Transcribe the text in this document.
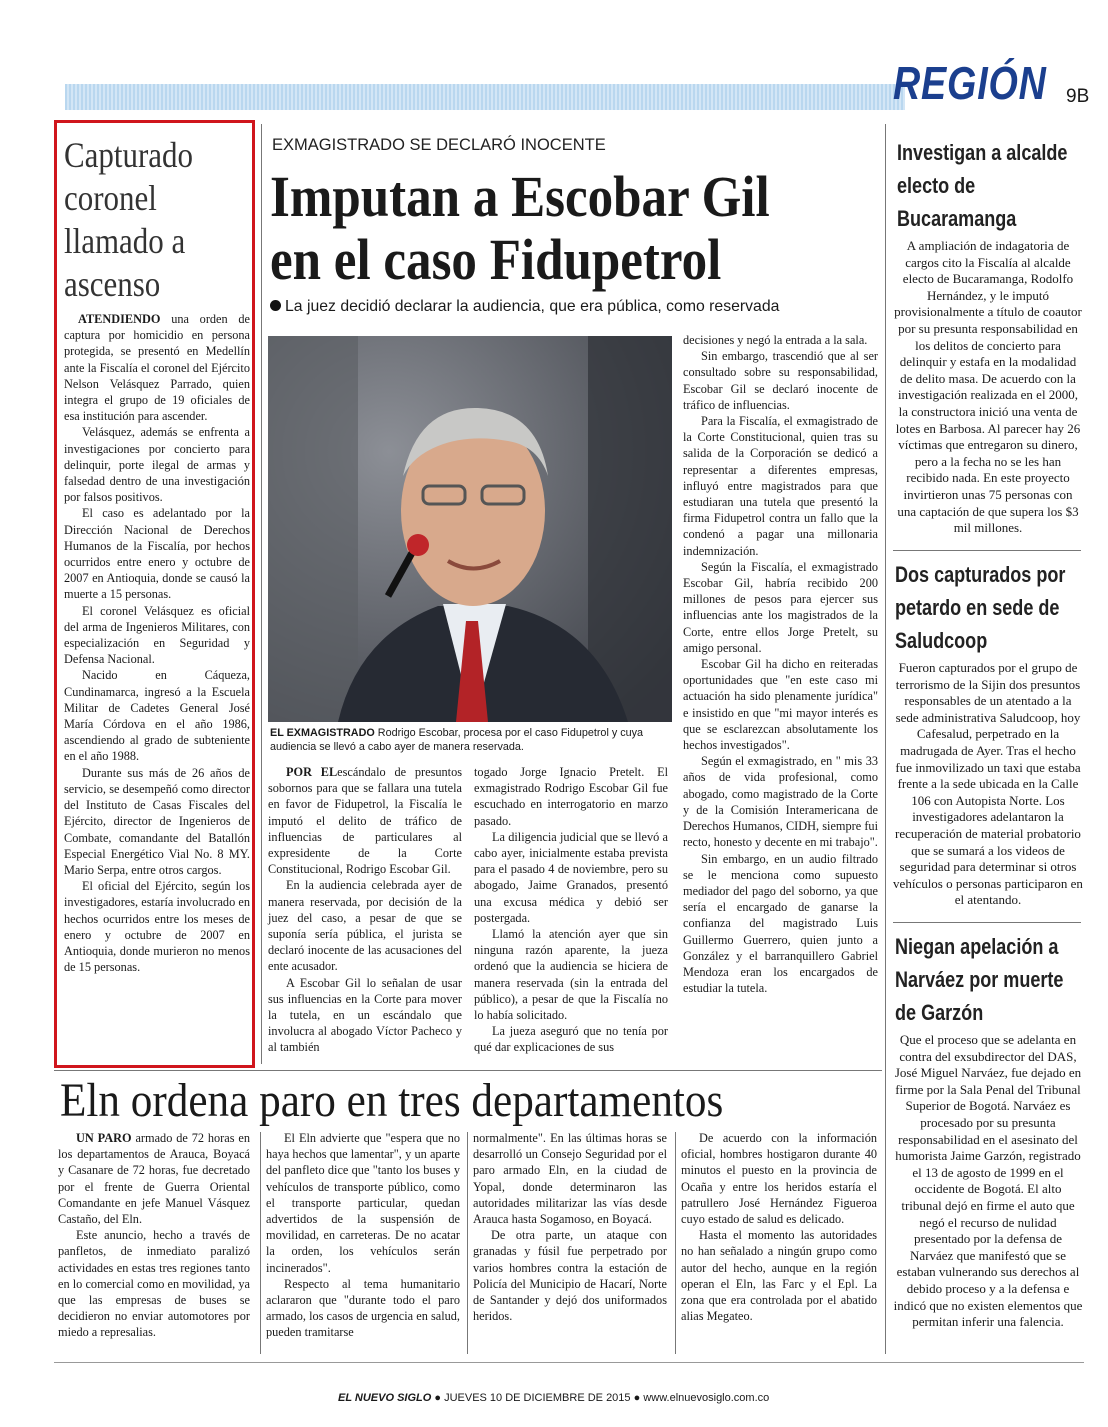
REGIÓN 9B
Capturado coronel llamado a ascenso

ATENDIENDO una orden de captura por homicidio en persona protegida, se presentó en Medellín ante la Fiscalía el coronel del Ejército Nelson Velásquez Parrado, quien integra el grupo de 19 oficiales de esa institución para ascender.

Velásquez, además se enfrenta a investigaciones por concierto para delinquir, porte ilegal de armas y falsedad dentro de una investigación por falsos positivos.

El caso es adelantado por la Dirección Nacional de Derechos Humanos de la Fiscalía, por hechos ocurridos entre enero y octubre de 2007 en Antioquia, donde se causó la muerte a 15 personas.

El coronel Velásquez es oficial del arma de Ingenieros Militares, con especialización en Seguridad y Defensa Nacional.

Nacido en Cáqueza, Cundinamarca, ingresó a la Escuela Militar de Cadetes General José María Córdova en el año 1986, ascendiendo al grado de subteniente en el año 1988.

Durante sus más de 26 años de servicio, se desempeñó como director del Instituto de Casas Fiscales del Ejército, director de Ingenieros de Combate, comandante del Batallón Especial Energético Vial No. 8 MY. Mario Serpa, entre otros cargos.

El oficial del Ejército, según los investigadores, estaría involucrado en hechos ocurridos entre los meses de enero y octubre de 2007 en Antioquia, donde murieron no menos de 15 personas.

EXMAGISTRADO SE DECLARÓ INOCENTE
Imputan a Escobar Gil
en el caso Fidupetrol
La juez decidió declarar la audiencia, que era pública, como reservada
EL EXMAGISTRADO Rodrigo Escobar, procesa por el caso Fidupetrol y cuya audiencia se llevó a cabo ayer de manera reservada.

POR ELescándalo de presuntos sobornos para que se fallara una tutela en favor de Fidupetrol, la Fiscalía le imputó el delito de tráfico de influencias de particulares al expresidente de la Corte Constitucional, Rodrigo Escobar Gil.

En la audiencia celebrada ayer de manera reservada, por decisión de la juez del caso, a pesar de que se suponía sería pública, el jurista se declaró inocente de las acusaciones del ente acusador.

A Escobar Gil lo señalan de usar sus influencias en la Corte para mover la tutela, en un escándalo que involucra al abogado Víctor Pacheco y al también

togado Jorge Ignacio Pretelt. El exmagistrado Rodrigo Escobar Gil fue escuchado en interrogatorio en marzo pasado.

La diligencia judicial que se llevó a cabo ayer, inicialmente estaba prevista para el pasado 4 de noviembre, pero su abogado, Jaime Granados, presentó una excusa médica y debió ser postergada.

Llamó la atención ayer que sin ninguna razón aparente, la jueza ordenó que la audiencia se hiciera de manera reservada (sin la entrada del público), a pesar de que la Fiscalía no lo había solicitado.

La jueza aseguró que no tenía por qué dar explicaciones de sus

decisiones y negó la entrada a la sala.

Sin embargo, trascendió que al ser consultado sobre su responsabilidad, Escobar Gil se declaró inocente de tráfico de influencias.

Para la Fiscalía, el exmagistrado de la Corte Constitucional, quien tras su salida de la Corporación se dedicó a representar a diferentes empresas, influyó entre magistrados para que estudiaran una tutela que presentó la firma Fidupetrol contra un fallo que la condenó a pagar una millonaria indemnización.

Según la Fiscalía, el exmagistrado Escobar Gil, habría recibido 200 millones de pesos para ejercer sus influencias ante los magistrados de la Corte, entre ellos Jorge Pretelt, su amigo personal.

Escobar Gil ha dicho en reiteradas oportunidades que "en este caso mi actuación ha sido plenamente jurídica" e insistido en que "mi mayor interés es que se esclarezcan absolutamente los hechos investigados".

Según el exmagistrado, en " mis 33 años de vida profesional, como abogado, como magistrado de la Corte y de la Comisión Interamericana de Derechos Humanos, CIDH, siempre fui recto, honesto y decente en mi trabajo".

Sin embargo, en un audio filtrado se le menciona como supuesto mediador del pago del soborno, ya que sería el encargado de ganarse la confianza del magistrado Luis Guillermo Guerrero, quien junto a González y el barranquillero Gabriel Mendoza eran los encargados de estudiar la tutela.

Investigan a alcalde electo de Bucaramanga
A ampliación de indagatoria de cargos cito la Fiscalía al alcalde electo de Bucaramanga, Rodolfo Hernández, y le imputó provisionalmente a título de coautor por su presunta responsabilidad en los delitos de concierto para delinquir y estafa en la modalidad de delito masa. De acuerdo con la investigación realizada en el 2000, la constructora inició una venta de lotes en Barbosa. Al parecer hay 26 víctimas que entregaron su dinero, pero a la fecha no se les han recibido nada. En este proyecto invirtieron unas 75 personas con una captación de que supera los $3 mil millones.
Dos capturados por petardo en sede de Saludcoop
Fueron capturados por el grupo de terrorismo de la Sijin dos presuntos responsables de un atentado a la sede administrativa Saludcoop, hoy Cafesalud, perpetrado en la madrugada de Ayer. Tras el hecho fue inmovilizado un taxi que estaba frente a la sede ubicada en la Calle 106 con Autopista Norte. Los investigadores adelantaron la recuperación de material probatorio que se sumará a los videos de seguridad para determinar si otros vehículos o personas participaron en el atentando.
Niegan apelación a Narváez por muerte de Garzón
Que el proceso que se adelanta en contra del exsubdirector del DAS, José Miguel Narváez, fue dejado en firme por la Sala Penal del Tribunal Superior de Bogotá. Narváez es procesado por su presunta responsabilidad en el asesinato del humorista Jaime Garzón, registrado el 13 de agosto de 1999 en el occidente de Bogotá. El alto tribunal dejó en firme el auto que negó el recurso de nulidad presentado por la defensa de Narváez que manifestó que se estaban vulnerando sus derechos al debido proceso y a la defensa e indicó que no existen elementos que permitan inferir una falencia.
Eln ordena paro en tres departamentos

UN PARO armado de 72 horas en los departamentos de Arauca, Boyacá y Casanare de 72 horas, fue decretado por el frente de Guerra Oriental Comandante en jefe Manuel Vásquez Castaño, del Eln.

Este anuncio, hecho a través de panfletos, de inmediato paralizó actividades en estas tres regiones tanto en lo comercial como en movilidad, ya que las empresas de buses se decidieron no enviar automotores por miedo a represalias.

El Eln advierte que "espera que no haya hechos que lamentar", y un aparte del panfleto dice que "tanto los buses y vehículos de transporte público, como el transporte particular, quedan advertidos de la suspensión de movilidad, en carreteras. De no acatar la orden, los vehículos serán incinerados".

Respecto al tema humanitario aclararon que "durante todo el paro armado, los casos de urgencia en salud, pueden tramitarse

normalmente". En las últimas horas se desarrolló un Consejo Seguridad por el paro armado Eln, en la ciudad de Yopal, donde determinaron las autoridades militarizar las vías desde Arauca hasta Sogamoso, en Boyacá.

De otra parte, un ataque con granadas y fúsil fue perpetrado por varios hombres contra la estación de Policía del Municipio de Hacarí, Norte de Santander y dejó dos uniformados heridos.

De acuerdo con la información oficial, hombres hostigaron durante 40 minutos el puesto en la provincia de Ocaña y entre los heridos estaría el patrullero José Hernández Figueroa cuyo estado de salud es delicado.

Hasta el momento las autoridades no han señalado a ningún grupo como autor del hecho, aunque en la región operan el Eln, las Farc y el Epl. La zona que era controlada por el abatido alias Megateo.

EL NUEVO SIGLO ● JUEVES 10 DE DICIEMBRE DE 2015 ● www.elnuevosiglo.com.co
